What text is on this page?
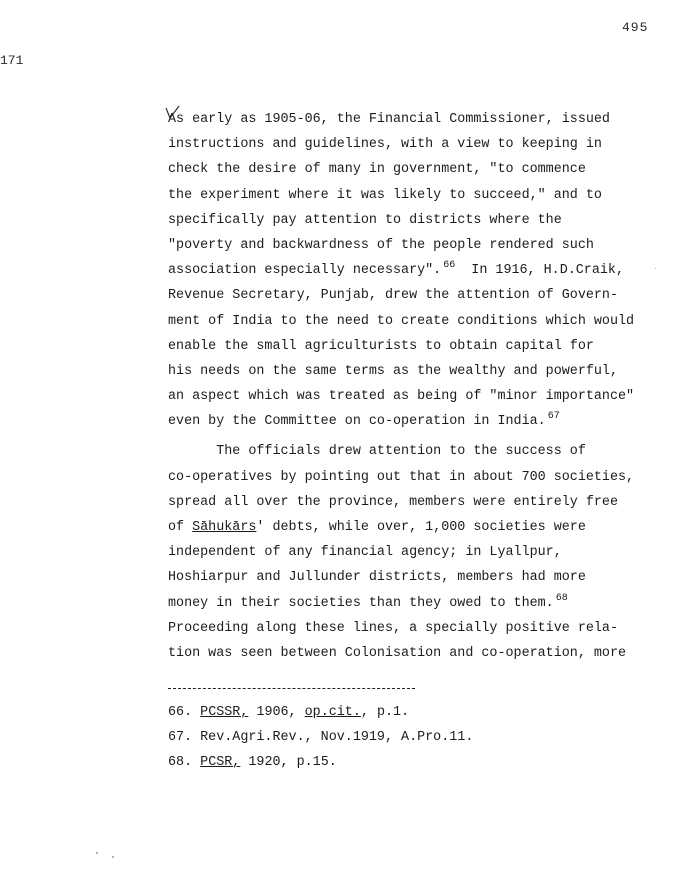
495
171
As early as 1905-06, the Financial Commissioner, issued
instructions and guidelines, with a view to keeping in
check the desire of many in government, "to commence
the experiment where it was likely to succeed," and to
specifically pay attention to districts where the
"poverty and backwardness of the people rendered such
association especially necessary". $^{66}$  In 1916, H.D.Craik,
Revenue Secretary, Punjab, drew the attention of Govern-
ment of India to the need to create conditions which would
enable the small agriculturists to obtain capital for
his needs on the same terms as the wealthy and powerful,
an aspect which was treated as being of "minor importance"
even by the Committee on co-operation in India. $^{67}$
The officials drew attention to the success of
co-operatives by pointing out that in about 700 societies,
spread all over the province, members were entirely free
of Sāhukārs' debts, while over, 1,000 societies were
independent of any financial agency; in Lyallpur,
Hoshiarpur and Jullunder districts, members had more
money in their societies than they owed to them. $^{68}$
Proceeding along these lines, a specially positive rela-
tion was seen between Colonisation and co-operation, more
66. PCSSR, 1906, op.cit., p.1.
67. Rev.Agri.Rev., Nov.1919, A.Pro.11.
68. PCSR, 1920, p.15.
